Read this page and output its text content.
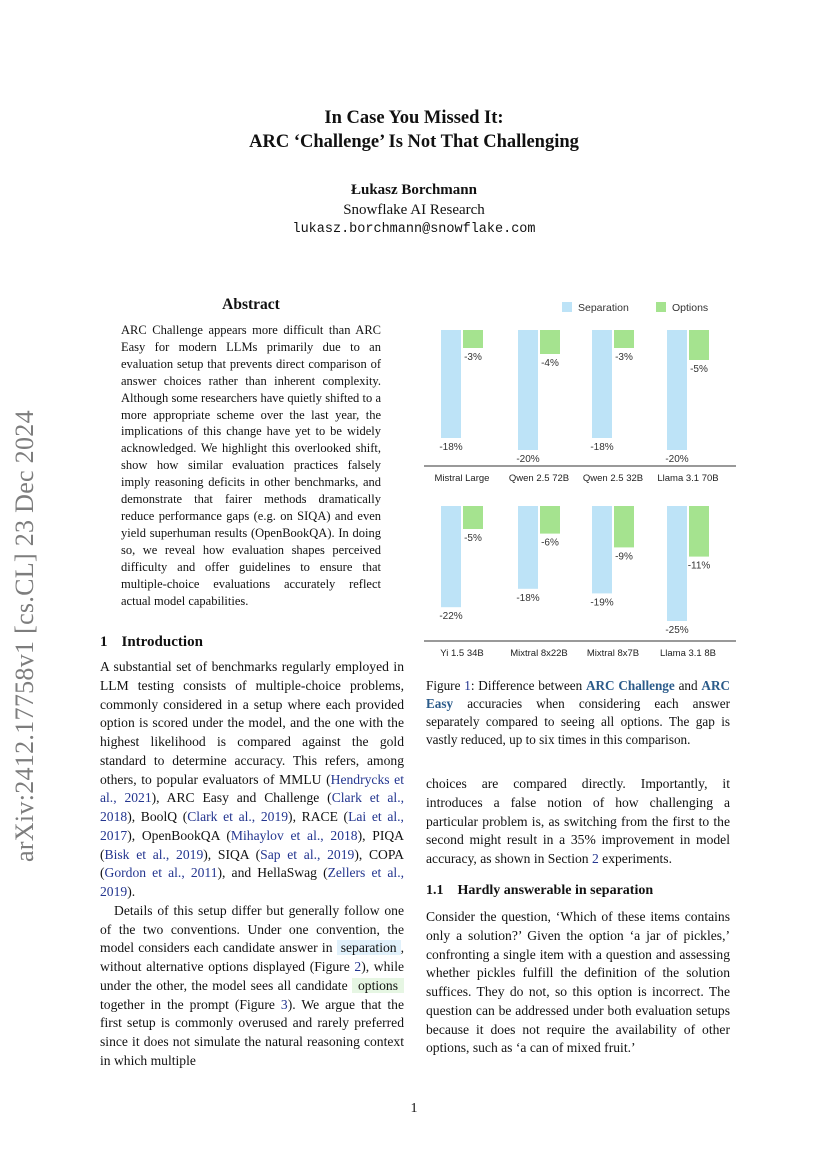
In Case You Missed It:
ARC ‘Challenge’ Is Not That Challenging
Łukasz Borchmann
Snowflake AI Research
lukasz.borchmann@snowflake.com
arXiv:2412.17758v1 [cs.CL] 23 Dec 2024
Abstract
ARC Challenge appears more difficult than ARC Easy for modern LLMs primarily due to an evaluation setup that prevents direct comparison of answer choices rather than inherent complexity. Although some researchers have quietly shifted to a more appropriate scheme over the last year, the implications of this change have yet to be widely acknowledged. We highlight this overlooked shift, show how similar evaluation practices falsely imply reasoning deficits in other benchmarks, and demonstrate that fairer methods dramatically reduce performance gaps (e.g. on SIQA) and even yield superhuman results (OpenBookQA). In doing so, we reveal how evaluation shapes perceived difficulty and offer guidelines to ensure that multiple-choice evaluations accurately reflect actual model capabilities.
1 Introduction

A substantial set of benchmarks regularly employed in LLM testing consists of multiple-choice problems, commonly considered in a setup where each provided option is scored under the model, and the one with the highest likelihood is compared against the gold standard to determine accuracy. This refers, among others, to popular evaluators of MMLU (Hendrycks et al., 2021), ARC Easy and Challenge (Clark et al., 2018), BoolQ (Clark et al., 2019), RACE (Lai et al., 2017), OpenBookQA (Mihaylov et al., 2018), PIQA (Bisk et al., 2019), SIQA (Sap et al., 2019), COPA (Gordon et al., 2011), and HellaSwag (Zellers et al., 2019).

Details of this setup differ but generally follow one of the two conventions. Under one convention, the model considers each candidate answer in separation , without alternative options displayed (Figure 2), while under the other, the model sees all candidate options together in the prompt (Figure 3). We argue that the first setup is commonly overused and rarely preferred since it does not simulate the natural reasoning context in which multiple

Separation	Options
-18%
-3%
Mistral Large
-20%
-4%
Qwen 2.5 72B
-18%
-3%
Qwen 2.5 32B
-20%
-5%
Llama 3.1 70B
-22%
-5%
Yi 1.5 34B
-18%
-6%
Mixtral 8x22B
-19%
-9%
Mixtral 8x7B
-25%
-11%
Llama 3.1 8B
Figure 1: Difference between ARC Challenge and ARC Easy accuracies when considering each answer separately compared to seeing all options. The gap is vastly reduced, up to six times in this comparison.

choices are compared directly. Importantly, it introduces a false notion of how challenging a particular problem is, as switching from the first to the second might result in a 35% improvement in model accuracy, as shown in Section 2 experiments.

1.1 Hardly answerable in separation
Consider the question, ‘Which of these items contains only a solution?’ Given the option ‘a jar of pickles,’ confronting a single item with a question and assessing whether pickles fulfill the definition of the solution suffices. They do not, so this option is incorrect. The question can be addressed under both evaluation setups because it does not require the availability of other options, such as ‘a can of mixed fruit.’
1
